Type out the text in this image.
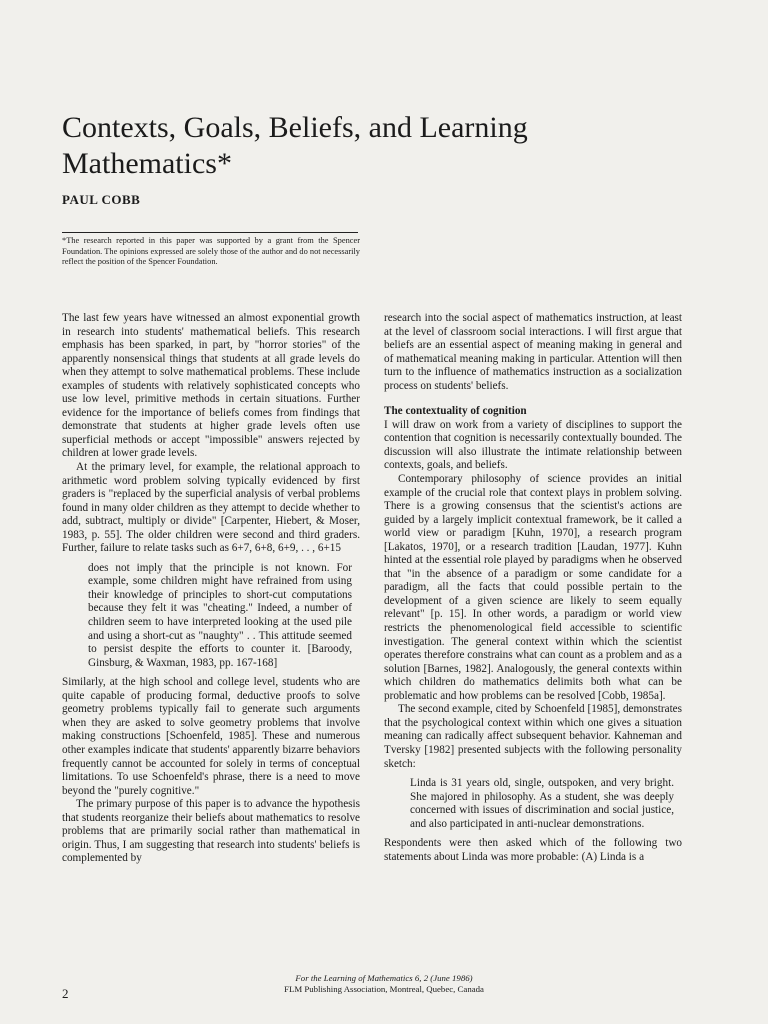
Contexts, Goals, Beliefs, and Learning Mathematics*
PAUL COBB
*The research reported in this paper was supported by a grant from the Spencer Foundation. The opinions expressed are solely those of the author and do not necessarily reflect the position of the Spencer Foundation.

The last few years have witnessed an almost exponential growth in research into students' mathematical beliefs. This research emphasis has been sparked, in part, by "horror stories" of the apparently nonsensical things that students at all grade levels do when they attempt to solve mathematical problems. These include examples of students with relatively sophisticated concepts who use low level, primitive methods in certain situations. Further evidence for the importance of beliefs comes from findings that demonstrate that students at higher grade levels often use superficial methods or accept "impossible" answers rejected by children at lower grade levels.

At the primary level, for example, the relational approach to arithmetic word problem solving typically evidenced by first graders is "replaced by the superficial analysis of verbal problems found in many older children as they attempt to decide whether to add, subtract, multiply or divide" [Carpenter, Hiebert, & Moser, 1983, p. 55]. The older children were second and third graders. Further, failure to relate tasks such as 6+7, 6+8, 6+9, . . , 6+15

does not imply that the principle is not known. For example, some children might have refrained from using their knowledge of principles to short-cut computations because they felt it was "cheating." Indeed, a number of children seem to have interpreted looking at the used pile and using a short-cut as "naughty" . . This attitude seemed to persist despite the efforts to counter it. [Baroody, Ginsburg, & Waxman, 1983, pp. 167-168]

Similarly, at the high school and college level, students who are quite capable of producing formal, deductive proofs to solve geometry problems typically fail to generate such arguments when they are asked to solve geometry problems that involve making constructions [Schoenfeld, 1985]. These and numerous other examples indicate that students' apparently bizarre behaviors frequently cannot be accounted for solely in terms of conceptual limitations. To use Schoenfeld's phrase, there is a need to move beyond the "purely cognitive."

The primary purpose of this paper is to advance the hypothesis that students reorganize their beliefs about mathematics to resolve problems that are primarily social rather than mathematical in origin. Thus, I am suggesting that research into students' beliefs is complemented by

research into the social aspect of mathematics instruction, at least at the level of classroom social interactions. I will first argue that beliefs are an essential aspect of meaning making in general and of mathematical meaning making in particular. Attention will then turn to the influence of mathematics instruction as a socialization process on students' beliefs.

The contextuality of cognition

I will draw on work from a variety of disciplines to support the contention that cognition is necessarily contextually bounded. The discussion will also illustrate the intimate relationship between contexts, goals, and beliefs.

Contemporary philosophy of science provides an initial example of the crucial role that context plays in problem solving. There is a growing consensus that the scientist's actions are guided by a largely implicit contextual framework, be it called a world view or paradigm [Kuhn, 1970], a research program [Lakatos, 1970], or a research tradition [Laudan, 1977]. Kuhn hinted at the essential role played by paradigms when he observed that "in the absence of a paradigm or some candidate for a paradigm, all the facts that could possible pertain to the development of a given science are likely to seem equally relevant" [p. 15]. In other words, a paradigm or world view restricts the phenomenological field accessible to scientific investigation. The general context within which the scientist operates therefore constrains what can count as a problem and as a solution [Barnes, 1982]. Analogously, the general contexts within which children do mathematics delimits both what can be problematic and how problems can be resolved [Cobb, 1985a].

The second example, cited by Schoenfeld [1985], demonstrates that the psychological context within which one gives a situation meaning can radically affect subsequent behavior. Kahneman and Tversky [1982] presented subjects with the following personality sketch:

Linda is 31 years old, single, outspoken, and very bright. She majored in philosophy. As a student, she was deeply concerned with issues of discrimination and social justice, and also participated in anti-nuclear demonstrations.

Respondents were then asked which of the following two statements about Linda was more probable: (A) Linda is a

For the Learning of Mathematics 6, 2 (June 1986)
FLM Publishing Association, Montreal, Quebec, Canada
2
